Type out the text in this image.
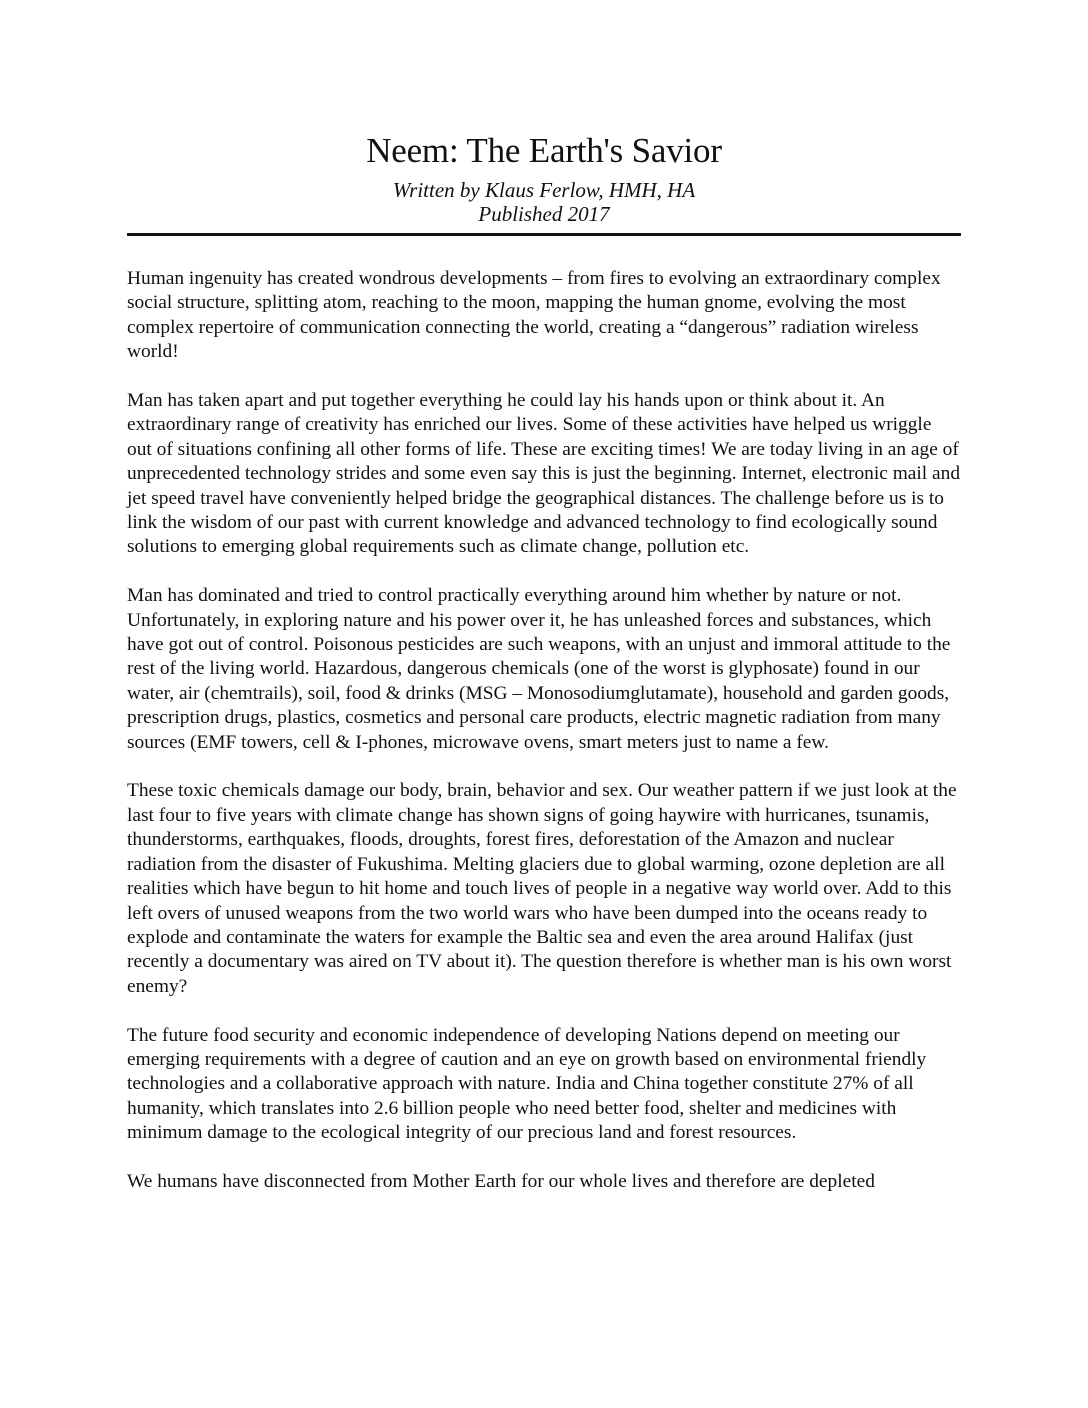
Neem: The Earth's Savior

Written by Klaus Ferlow, HMH, HA

Published 2017

Human ingenuity has created wondrous developments – from fires to evolving an extraordinary complex social structure, splitting atom, reaching to the moon, mapping the human gnome, evolving the most complex repertoire of communication connecting the world, creating a “dangerous” radiation wireless world!

Man has taken apart and put together everything he could lay his hands upon or think about it. An extraordinary range of creativity has enriched our lives. Some of these activities have helped us wriggle out of situations confining all other forms of life. These are exciting times! We are today living in an age of unprecedented technology strides and some even say this is just the beginning. Internet, electronic mail and jet speed travel have conveniently helped bridge the geographical distances. The challenge before us is to link the wisdom of our past with current knowledge and advanced technology to find ecologically sound solutions to emerging global requirements such as climate change, pollution etc.

Man has dominated and tried to control practically everything around him whether by nature or not. Unfortunately, in exploring nature and his power over it, he has unleashed forces and substances, which have got out of control. Poisonous pesticides are such weapons, with an unjust and immoral attitude to the rest of the living world. Hazardous, dangerous chemicals (one of the worst is glyphosate) found in our water, air (chemtrails), soil, food & drinks (MSG – Monosodiumglutamate), household and garden goods, prescription drugs, plastics, cosmetics and personal care products, electric magnetic radiation from many sources (EMF towers, cell & I-phones, microwave ovens, smart meters just to name a few.

These toxic chemicals damage our body, brain, behavior and sex. Our weather pattern if we just look at the last four to five years with climate change has shown signs of going haywire with hurricanes, tsunamis, thunderstorms, earthquakes, floods, droughts, forest fires, deforestation of the Amazon and nuclear radiation from the disaster of Fukushima. Melting glaciers due to global warming, ozone depletion are all realities which have begun to hit home and touch lives of people in a negative way world over. Add to this left overs of unused weapons from the two world wars who have been dumped into the oceans ready to explode and contaminate the waters for example the Baltic sea and even the area around Halifax (just recently a documentary was aired on TV about it). The question therefore is whether man is his own worst enemy?

The future food security and economic independence of developing Nations depend on meeting our emerging requirements with a degree of caution and an eye on growth based on environmental friendly technologies and a collaborative approach with nature. India and China together constitute 27% of all humanity, which translates into 2.6 billion people who need better food, shelter and medicines with minimum damage to the ecological integrity of our precious land and forest resources.

We humans have disconnected from Mother Earth for our whole lives and therefore are depleted
